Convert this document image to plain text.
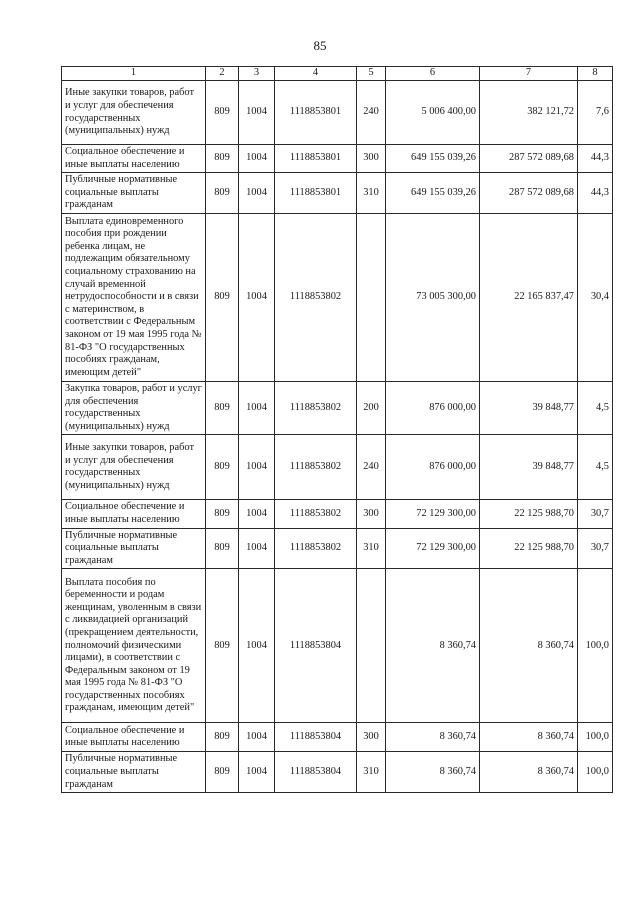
85
1	2	3	4	5	6	7	8
Иные закупки товаров, работ и услуг для обеспечения государственных (муниципальных) нужд	809	1004	1118853801	240	5 006 400,00	382 121,72	7,6
Социальное обеспечение и иные выплаты населению	809	1004	1118853801	300	649 155 039,26	287 572 089,68	44,3
Публичные нормативные социальные выплаты гражданам	809	1004	1118853801	310	649 155 039,26	287 572 089,68	44,3
Выплата единовременного пособия при рождении ребенка лицам, не подлежащим обязательному социальному страхованию на случай временной нетрудоспособности и в связи с материнством, в соответствии с Федеральным законом от 19 мая 1995 года № 81-ФЗ "О государственных пособиях гражданам, имеющим детей"	809	1004	1118853802		73 005 300,00	22 165 837,47	30,4
Закупка товаров, работ и услуг для обеспечения государственных (муниципальных) нужд	809	1004	1118853802	200	876 000,00	39 848,77	4,5
Иные закупки товаров, работ и услуг для обеспечения государственных (муниципальных) нужд	809	1004	1118853802	240	876 000,00	39 848,77	4,5
Социальное обеспечение и иные выплаты населению	809	1004	1118853802	300	72 129 300,00	22 125 988,70	30,7
Публичные нормативные социальные выплаты гражданам	809	1004	1118853802	310	72 129 300,00	22 125 988,70	30,7
Выплата пособия по беременности и родам женщинам, уволенным в связи с ликвидацией организаций (прекращением деятельности, полномочий физическими лицами), в соответствии с Федеральным законом от 19 мая 1995 года № 81-ФЗ "О государственных пособиях гражданам, имеющим детей"	809	1004	1118853804		8 360,74	8 360,74	100,0
Социальное обеспечение и иные выплаты населению	809	1004	1118853804	300	8 360,74	8 360,74	100,0
Публичные нормативные социальные выплаты гражданам	809	1004	1118853804	310	8 360,74	8 360,74	100,0
